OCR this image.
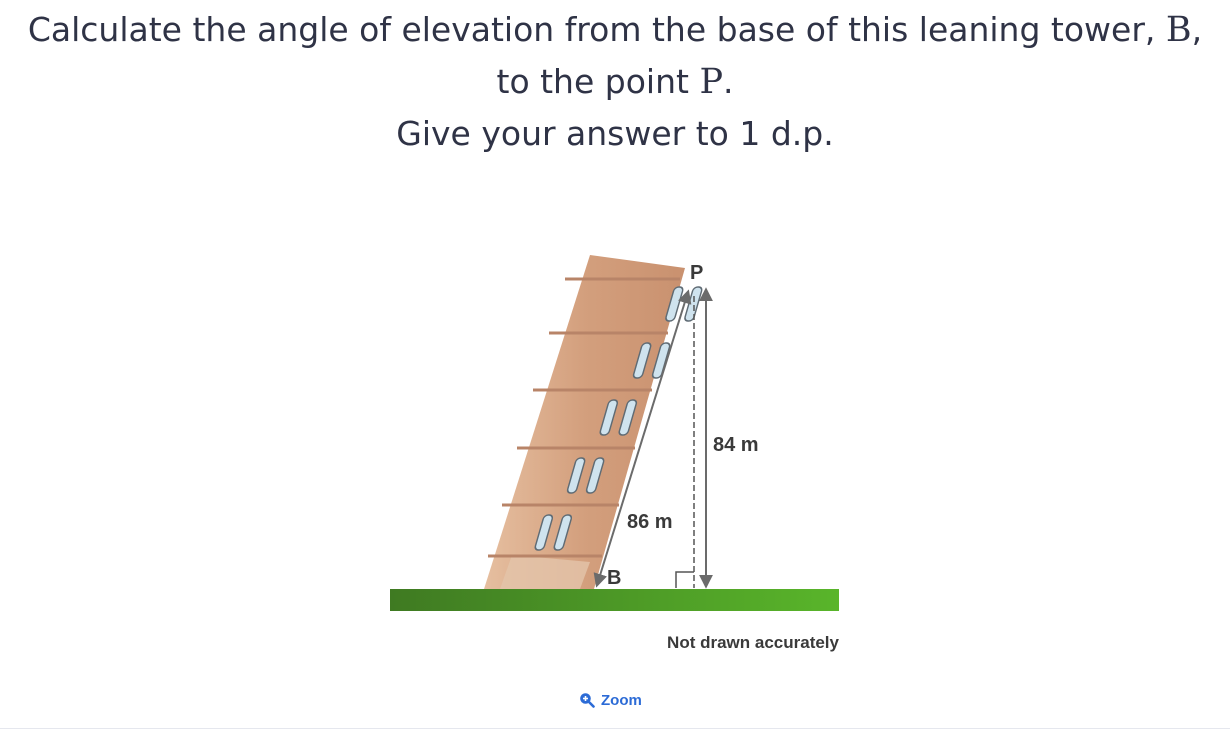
Calculate the angle of elevation from the base of this leaning tower, B,
to the point P.
Give your answer to 1 d.p.
P
B
86 m
84 m
Not drawn accurately
Zoom
